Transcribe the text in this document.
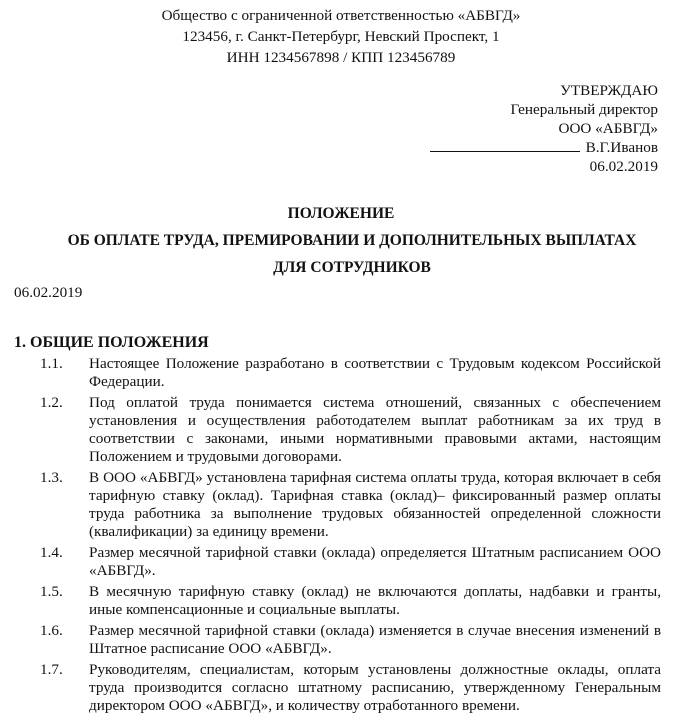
Общество с ограниченной ответственностью «АБВГД»
123456, г. Санкт-Петербург, Невский Проспект, 1
ИНН 1234567898 / КПП 123456789
УТВЕРЖДАЮ
Генеральный директор
ООО «АБВГД»
В.Г.Иванов
06.02.2019
ПОЛОЖЕНИЕ
ОБ ОПЛАТЕ ТРУДА, ПРЕМИРОВАНИИ И ДОПОЛНИТЕЛЬНЫХ ВЫПЛАТАХ
ДЛЯ СОТРУДНИКОВ
06.02.2019
1. ОБЩИЕ ПОЛОЖЕНИЯ
1.1.	Настоящее Положение разработано в соответствии с Трудовым кодексом Российской Федерации.
1.2.	Под оплатой труда понимается система отношений, связанных с обеспечением установления и осуществления работодателем выплат работникам за их труд в соответствии с законами, иными нормативными правовыми актами, настоящим Положением и трудовыми договорами.
1.3.	В ООО «АБВГД» установлена тарифная система оплаты труда, которая включает в себя тарифную ставку (оклад). Тарифная ставка (оклад)– фиксированный размер оплаты труда работника за выполнение трудовых обязанностей определенной сложности (квалификации) за единицу времени.
1.4.	Размер месячной тарифной ставки (оклада) определяется Штатным расписанием ООО «АБВГД».
1.5.	В месячную тарифную ставку (оклад) не включаются доплаты, надбавки и гранты, иные компенсационные и социальные выплаты.
1.6.	Размер месячной тарифной ставки (оклада) изменяется в случае внесения изменений в Штатное расписание ООО «АБВГД».
1.7.	Руководителям, специалистам, которым установлены должностные оклады, оплата труда производится согласно штатному расписанию, утвержденному Генеральным директором ООО «АБВГД», и количеству отработанного времени.
